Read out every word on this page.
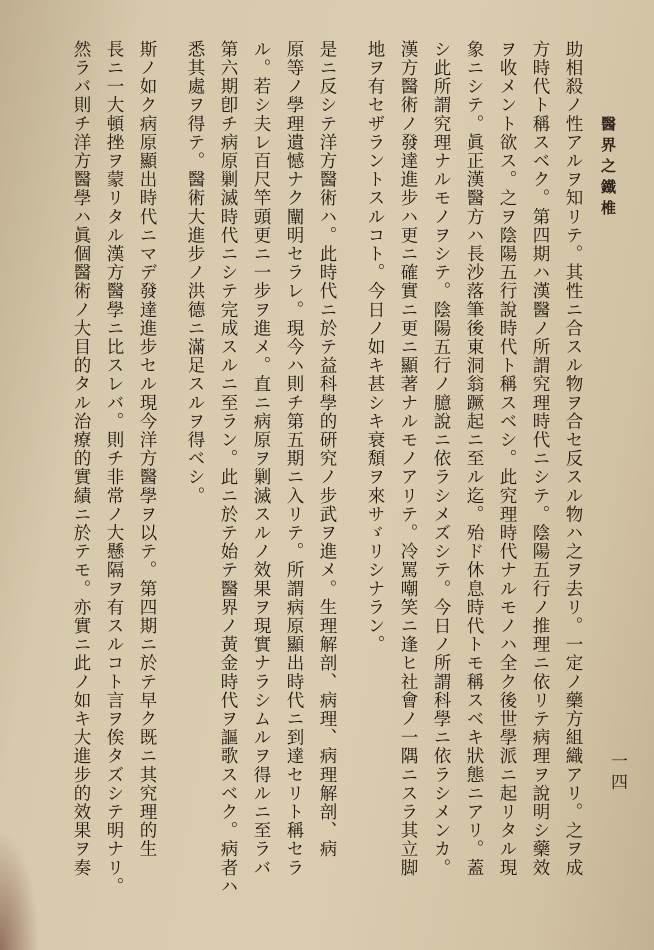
醫界之鐵椎
一四
助相殺ノ性アルヲ知リテ。其性ニ合スル物ヲ合セ反スル物ハ之ヲ去リ。一定ノ藥方組織アリ。之ヲ成
方時代ト稱スベク。第四期ハ漢醫ノ所謂究理時代ニシテ。陰陽五行ノ推理ニ依リテ病理ヲ說明シ藥效
ヲ收メント欲ス。之ヲ陰陽五行說時代ト稱スベシ。此究理時代ナルモノハ全ク後世學派ニ起リタル現
象ニシテ。眞正漢醫方ハ長沙落筆後東洞翁蹶起ニ至ル迄。殆ド休息時代トモ稱スベキ狀態ニアリ。蓋
シ此所謂究理ナルモノヲシテ。陰陽五行ノ臆說ニ依ラシメズシテ。今日ノ所謂科學ニ依ラシメンカ。
漢方醫術ノ發達進步ハ更ニ確實ニ更ニ顯著ナルモノアリテ。冷罵嘲笑ニ逢ヒ社會ノ一隅ニスラ其立脚
地ヲ有セザラントスルコト。今日ノ如キ甚シキ衰頽ヲ來サゞリシナラン。
是ニ反シテ洋方醫術ハ。此時代ニ於テ益科學的硏究ノ步武ヲ進メ。生理解剖、病理、病理解剖、病
原等ノ學理遺憾ナク闡明セラレ。現今ハ則チ第五期ニ入リテ。所謂病原顯出時代ニ到達セリト稱セラ
ル。若シ夫レ百尺竿頭更ニ一步ヲ進メ。直ニ病原ヲ剿滅スルノ效果ヲ現實ナラシムルヲ得ルニ至ラバ
第六期卽チ病原剿滅時代ニシテ完成スルニ至ラン。此ニ於テ始テ醫界ノ黃金時代ヲ謳歌スベク。病者ハ
悉其處ヲ得テ。醫術大進步ノ洪德ニ滿足スルヲ得ベシ。
斯ノ如ク病原顯出時代ニマデ發達進步セル現今洋方醫學ヲ以テ。第四期ニ於テ早ク既ニ其究理的生
長ニ一大頓挫ヲ蒙リタル漢方醫學ニ比スレバ。則チ非常ノ大懸隔ヲ有スルコト言ヲ俟タズシテ明ナリ。
然ラバ則チ洋方醫學ハ眞個醫術ノ大目的タル治療的實績ニ於テモ。亦實ニ此ノ如キ大進步的效果ヲ奏
